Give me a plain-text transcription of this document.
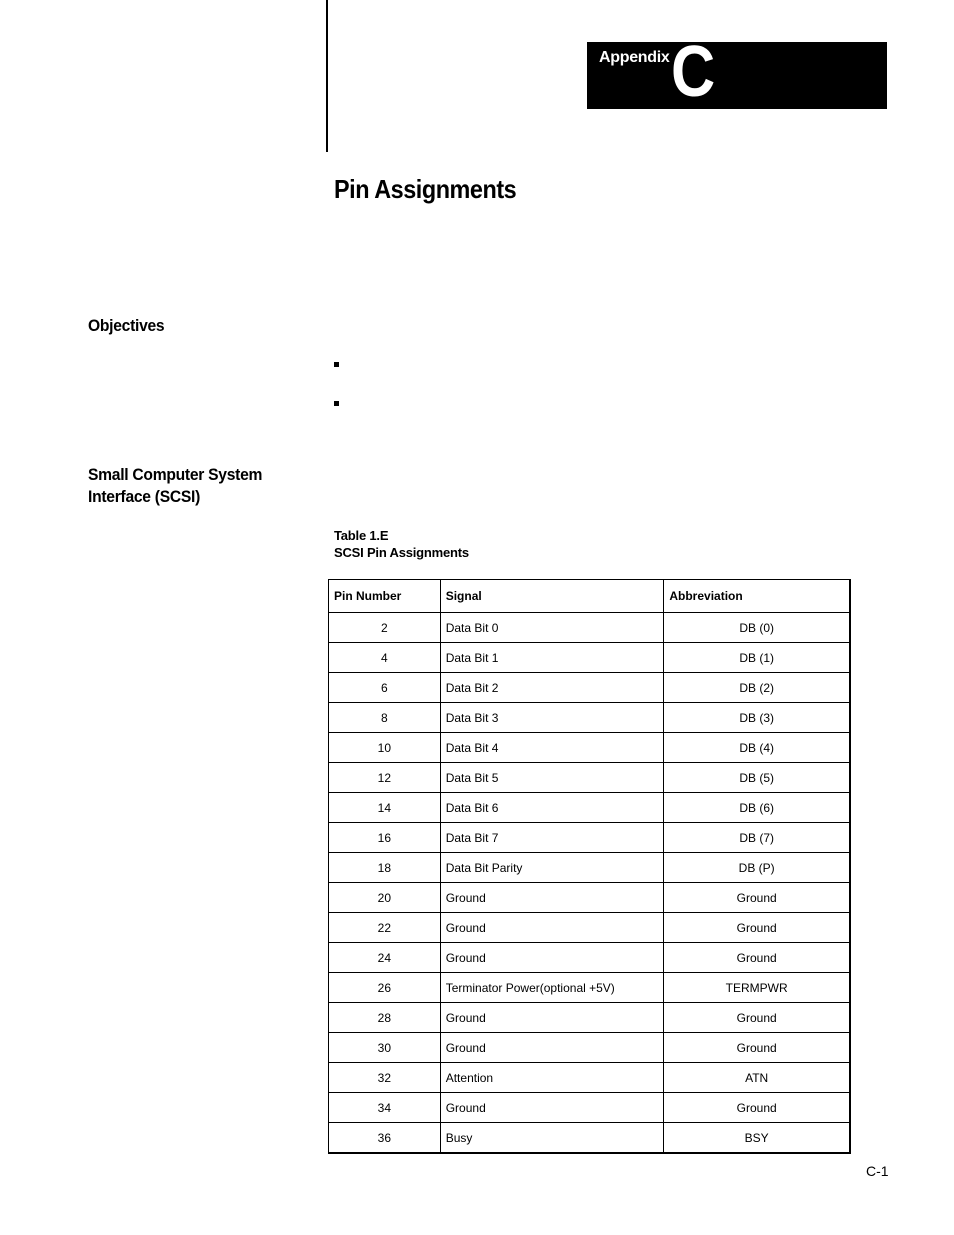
Appendix C
Pin Assignments
Objectives
Small Computer System
Interface (SCSI)
Table 1.E
SCSI Pin Assignments
Pin Number	Signal	Abbreviation
2	Data Bit 0	DB (0)
4	Data Bit 1	DB (1)
6	Data Bit 2	DB (2)
8	Data Bit 3	DB (3)
10	Data Bit 4	DB (4)
12	Data Bit 5	DB (5)
14	Data Bit 6	DB (6)
16	Data Bit 7	DB (7)
18	Data Bit Parity	DB (P)
20	Ground	Ground
22	Ground	Ground
24	Ground	Ground
26	Terminator Power(optional +5V)	TERMPWR
28	Ground	Ground
30	Ground	Ground
32	Attention	ATN
34	Ground	Ground
36	Busy	BSY
C-1
